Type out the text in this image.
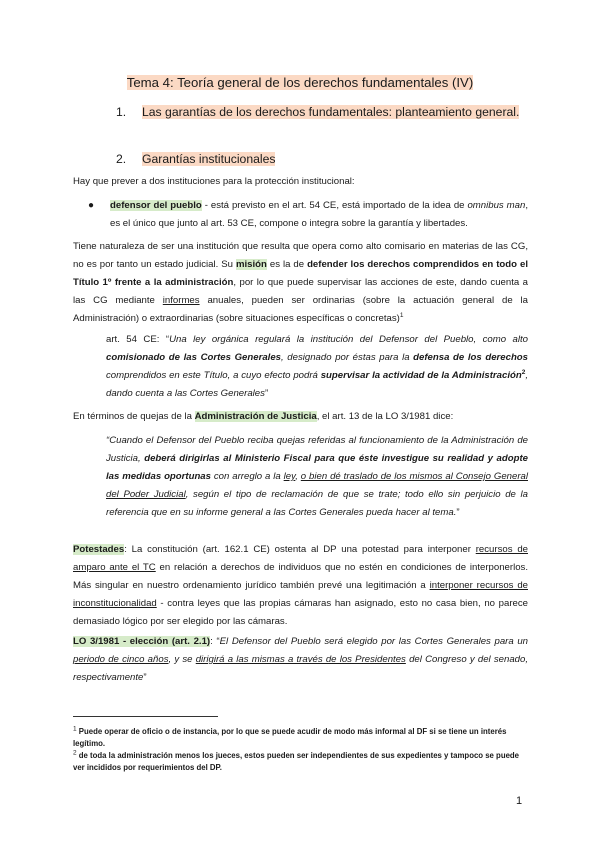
Tema 4: Teoría general de los derechos fundamentales (IV)
1. Las garantías de los derechos fundamentales: planteamiento general.
2. Garantías institucionales
Hay que prever a dos instituciones para la protección institucional:
● defensor del pueblo - está previsto en el art. 54 CE, está importado de la idea de omnibus man, es el único que junto al art. 53 CE, compone o integra sobre la garantía y libertades.
Tiene naturaleza de ser una institución que resulta que opera como alto comisario en materias de las CG, no es por tanto un estado judicial. Su misión es la de defender los derechos comprendidos en todo el Título 1º frente a la administración, por lo que puede supervisar las acciones de este, dando cuenta a las CG mediante informes anuales, pueden ser ordinarias (sobre la actuación general de la Administración) o extraordinarias (sobre situaciones específicas o concretas)$^1$
art. 54 CE: “Una ley orgánica regulará la institución del Defensor del Pueblo, como alto comisionado de las Cortes Generales, designado por éstas para la defensa de los derechos comprendidos en este Título, a cuyo efecto podrá supervisar la actividad de la Administración$^2$, dando cuenta a las Cortes Generales”
En términos de quejas de la Administración de Justicia, el art. 13 de la LO 3/1981 dice:
“Cuando el Defensor del Pueblo reciba quejas referidas al funcionamiento de la Administración de Justicia, deberá dirigirlas al Ministerio Fiscal para que éste investigue su realidad y adopte las medidas oportunas con arreglo a la ley, o bien dé traslado de los mismos al Consejo General del Poder Judicial, según el tipo de reclamación de que se trate; todo ello sin perjuicio de la referencia que en su informe general a las Cortes Generales pueda hacer al tema.”
Potestades: La constitución (art. 162.1 CE) ostenta al DP una potestad para interponer recursos de amparo ante el TC en relación a derechos de individuos que no estén en condiciones de interponerlos. Más singular en nuestro ordenamiento jurídico también prevé una legitimación a interponer recursos de inconstitucionalidad - contra leyes que las propias cámaras han asignado, esto no casa bien, no parece demasiado lógico por ser elegido por las cámaras.
LO 3/1981 - elección (art. 2.1): “El Defensor del Pueblo será elegido por las Cortes Generales para un periodo de cinco años, y se dirigirá a las mismas a través de los Presidentes del Congreso y del senado, respectivamente”
$^1$ Puede operar de oficio o de instancia, por lo que se puede acudir de modo más informal al DF si se tiene un interés legítimo.
$^2$ de toda la administración menos los jueces, estos pueden ser independientes de sus expedientes y tampoco se puede ver incididos por requerimientos del DP.
1
